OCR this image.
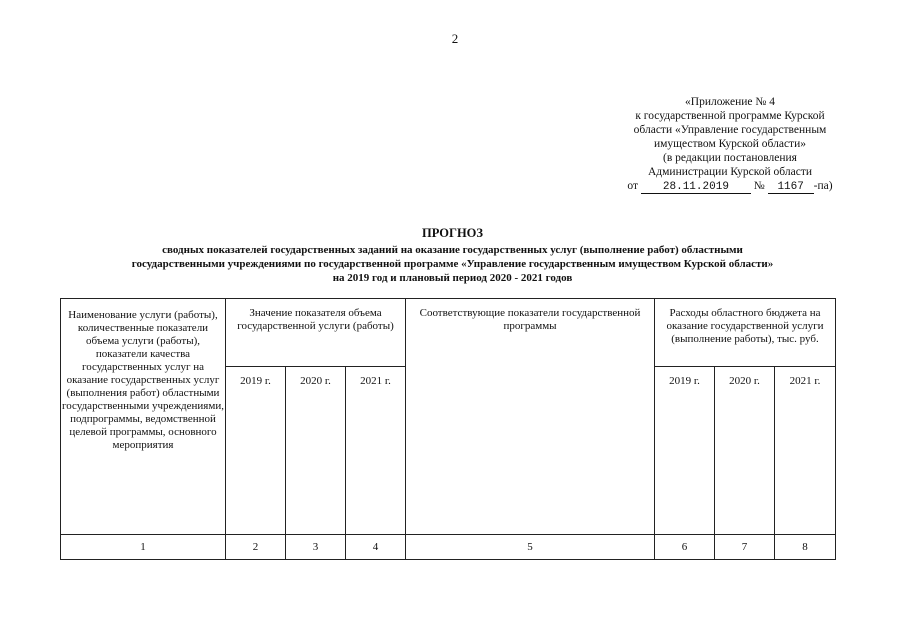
2
«Приложение № 4
к государственной программе Курской
области «Управление государственным
имуществом Курской области»
(в редакции постановления
Администрации Курской области
от 28.11.2019 № 1167 -па)
ПРОГНОЗ
сводных показателей государственных заданий на оказание государственных услуг (выполнение работ) областными
государственными учреждениями по государственной программе «Управление государственным имуществом Курской области»
на 2019 год и плановый период 2020 - 2021 годов
Наименование услуги (работы), количественные показатели объема услуги (работы), показатели качества государственных услуг на оказание государственных услуг (выполнения работ) областными государственными учреждениями, подпрограммы, ведомственной целевой программы, основного мероприятия	Значение показателя объема государственной услуги (работы)			Соответствующие показатели государственной программы	Расходы областного бюджета на оказание государственной услуги (выполнение работы), тыс. руб.		
	2019 г.	2020 г.	2021 г.		2019 г.	2020 г.	2021 г.
1	2	3	4	5	6	7	8
